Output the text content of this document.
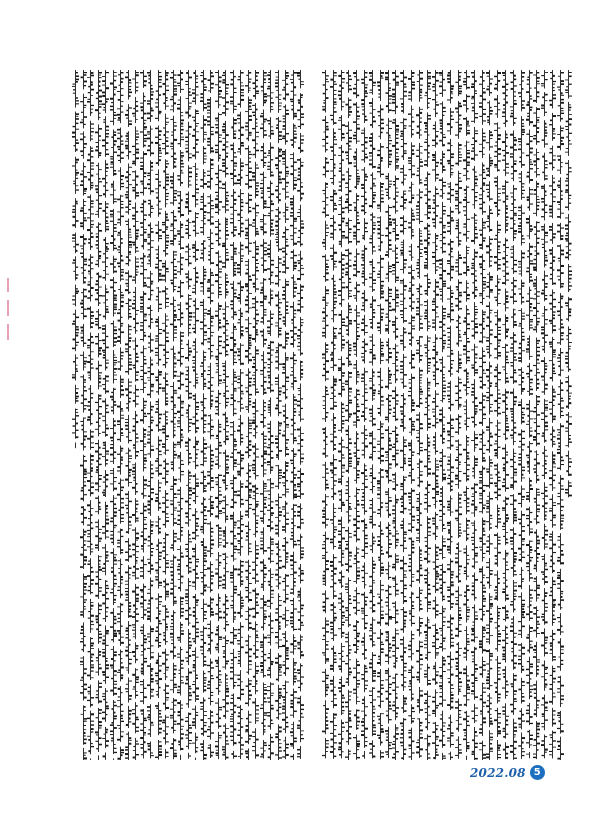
2022.08 5
